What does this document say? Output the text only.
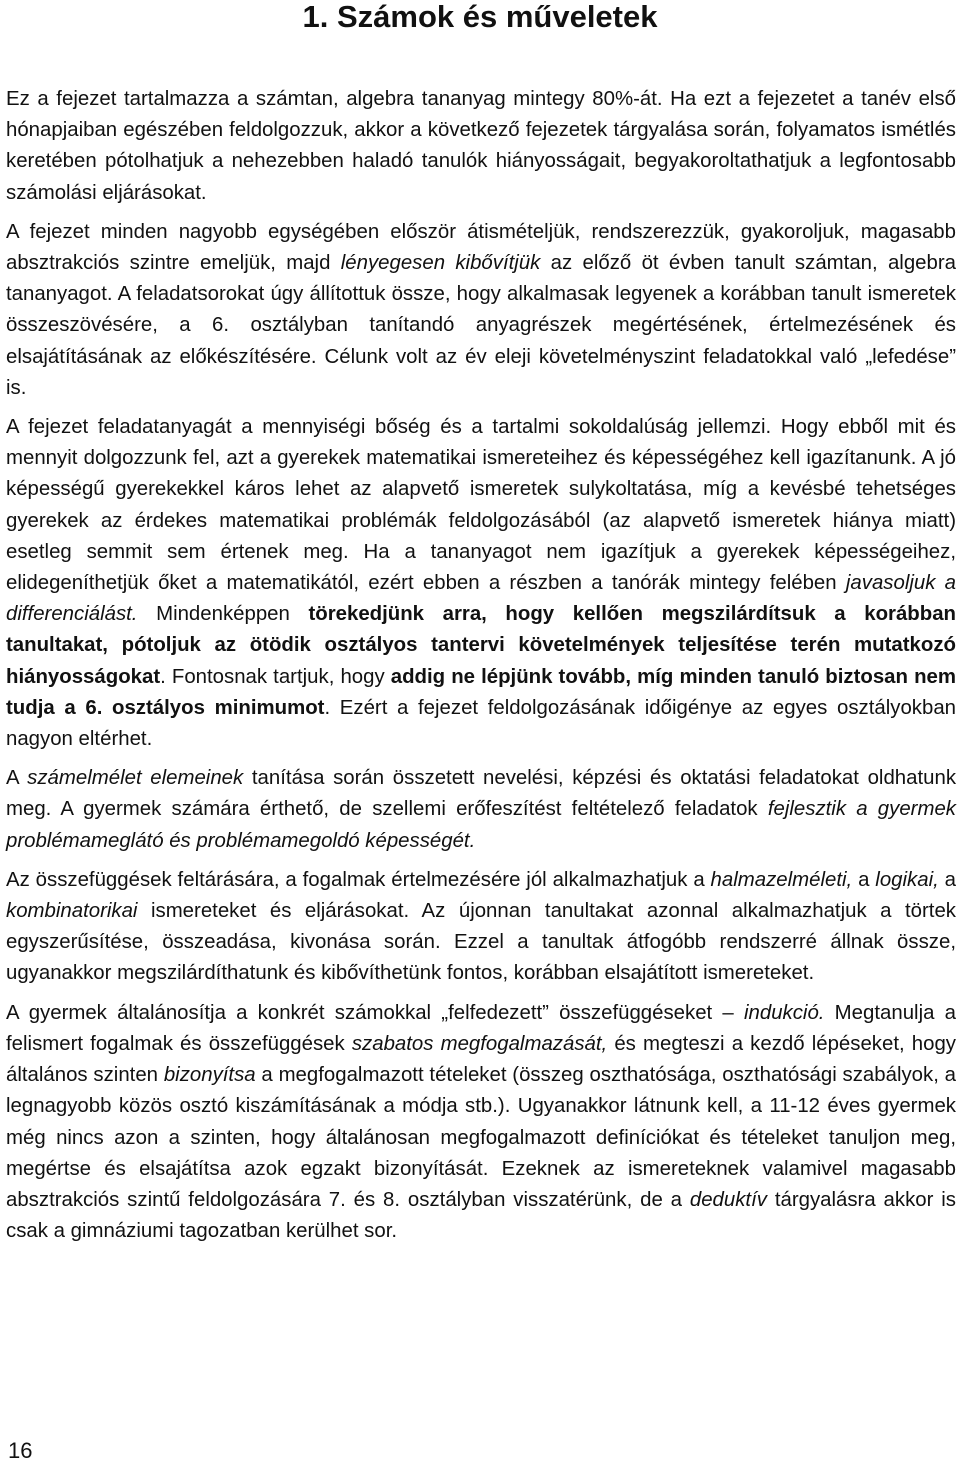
1. Számok és műveletek

Ez a fejezet tartalmazza a számtan, algebra tananyag mintegy 80%-át. Ha ezt a fejezetet a tanév első hónapjaiban egészében feldolgozzuk, akkor a következő fejezetek tárgyalása során, folyamatos ismétlés keretében pótolhatjuk a nehezebben haladó tanulók hiányosságait, begyakoroltathatjuk a legfontosabb számolási eljárásokat.

A fejezet minden nagyobb egységében először átismételjük, rendszerezzük, gyakoroljuk, magasabb absztrakciós szintre emeljük, majd lényegesen kibővítjük az előző öt évben tanult számtan, algebra tananyagot. A feladatsorokat úgy állítottuk össze, hogy alkalmasak legyenek a korábban tanult ismeretek összeszövésére, a 6. osztályban tanítandó anyagrészek megértésének, értelmezésének és elsajátításának az előkészítésére. Célunk volt az év eleji követelményszint feladatokkal való „lefedése” is.

A fejezet feladatanyagát a mennyiségi bőség és a tartalmi sokoldalúság jellemzi. Hogy ebből mit és mennyit dolgozzunk fel, azt a gyerekek matematikai ismereteihez és képességéhez kell igazítanunk. A jó képességű gyerekekkel káros lehet az alapvető ismeretek sulykoltatása, míg a kevésbé tehetséges gyerekek az érdekes matematikai problémák feldolgozásából (az alapvető ismeretek hiánya miatt) esetleg semmit sem értenek meg. Ha a tananyagot nem igazítjuk a gyerekek képességeihez, elidegeníthetjük őket a matematikától, ezért ebben a részben a tanórák mintegy felében javasoljuk a differenciálást. Mindenképpen törekedjünk arra, hogy kellően megszilárdítsuk a korábban tanultakat, pótoljuk az ötödik osztályos tantervi követelmények teljesítése terén mutatkozó hiányosságokat. Fontosnak tartjuk, hogy addig ne lépjünk tovább, míg minden tanuló biztosan nem tudja a 6. osztályos minimumot. Ezért a fejezet feldolgozásának időigénye az egyes osztályokban nagyon eltérhet.

A számelmélet elemeinek tanítása során összetett nevelési, képzési és oktatási feladatokat oldhatunk meg. A gyermek számára érthető, de szellemi erőfeszítést feltételező feladatok fejlesztik a gyermek problémameglátó és problémamegoldó képességét.

Az összefüggések feltárására, a fogalmak értelmezésére jól alkalmazhatjuk a halmazelméleti, a logikai, a kombinatorikai ismereteket és eljárásokat. Az újonnan tanultakat azonnal alkalmazhatjuk a törtek egyszerűsítése, összeadása, kivonása során. Ezzel a tanultak átfogóbb rendszerré állnak össze, ugyanakkor megszilárdíthatunk és kibővíthetünk fontos, korábban elsajátított ismereteket.

A gyermek általánosítja a konkrét számokkal „felfedezett” összefüggéseket – indukció. Megtanulja a felismert fogalmak és összefüggések szabatos megfogalmazását, és megteszi a kezdő lépéseket, hogy általános szinten bizonyítsa a megfogalmazott tételeket (összeg oszthatósága, oszthatósági szabályok, a legnagyobb közös osztó kiszámításának a módja stb.). Ugyanakkor látnunk kell, a 11-12 éves gyermek még nincs azon a szinten, hogy általánosan megfogalmazott definíciókat és tételeket tanuljon meg, megértse és elsajátítsa azok egzakt bizonyítását. Ezeknek az ismereteknek valamivel magasabb absztrakciós szintű feldolgozására 7. és 8. osztályban visszatérünk, de a deduktív tárgyalásra akkor is csak a gimnáziumi tagozatban kerülhet sor.

16
